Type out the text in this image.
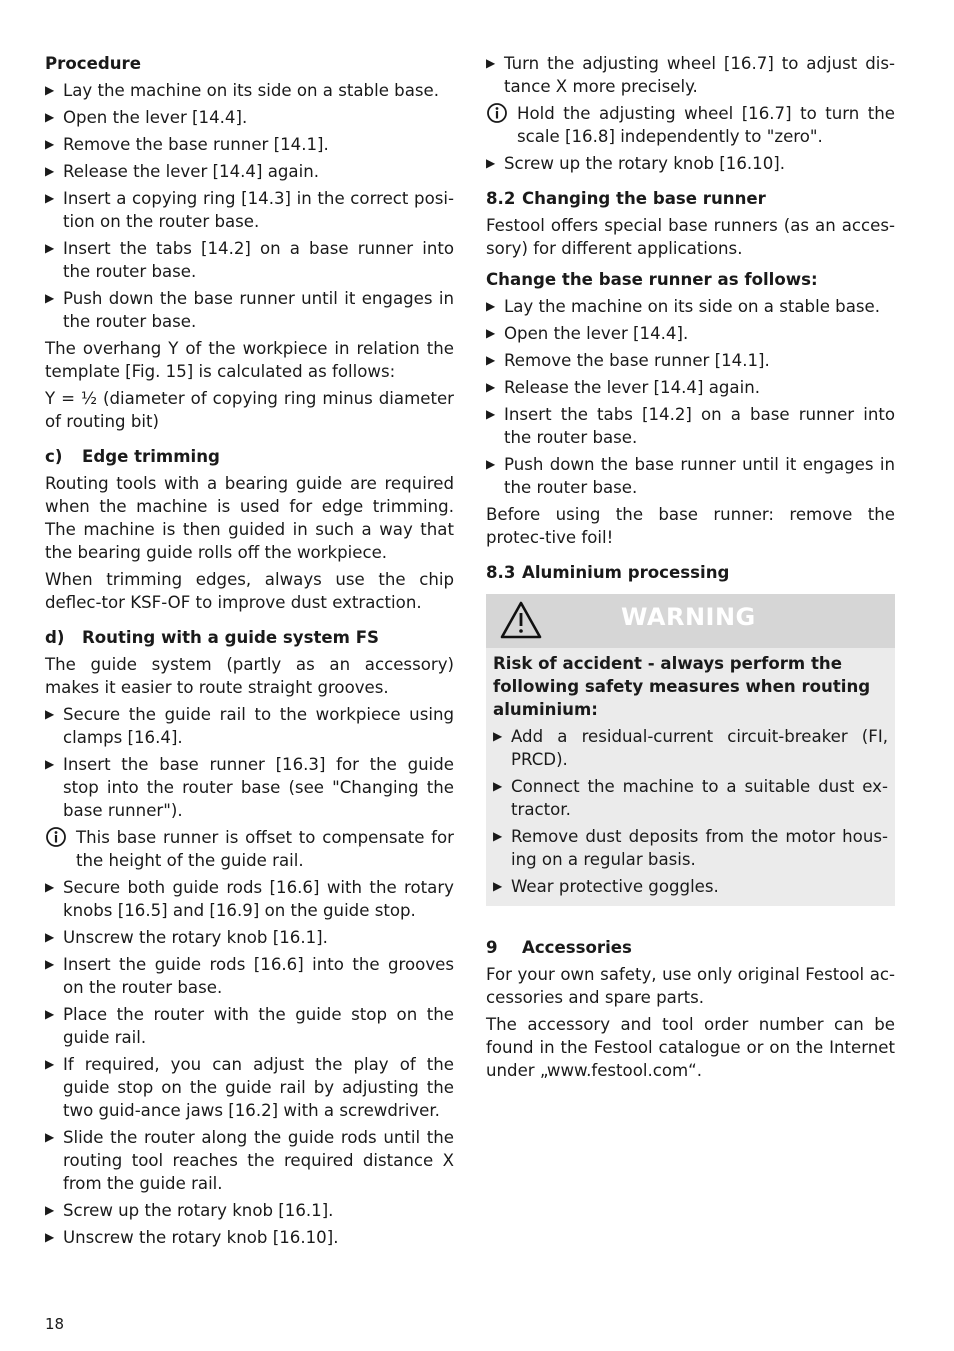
Procedure
▶ Lay the machine on its side on a stable base.
▶ Open the lever [14.4].
▶ Remove the base runner [14.1].
▶ Release the lever [14.4] again.
▶ Insert a copying ring [14.3] in the correct posi-tion on the router base.
▶ Insert the tabs [14.2] on a base runner into the router base.
▶ Push down the base runner until it engages in the router base.

The overhang Y of the workpiece in relation the template [Fig. 15] is calculated as follows:

Y = ½ (diameter of copying ring minus diameter of routing bit)

c) Edge trimming

Routing tools with a bearing guide are required when the machine is used for edge trimming. The machine is then guided in such a way that the bearing guide rolls off the workpiece.

When trimming edges, always use the chip deflec-tor KSF-OF to improve dust extraction.

d) Routing with a guide system FS

The guide system (partly as an accessory) makes it easier to route straight grooves.

▶ Secure the guide rail to the workpiece using clamps [16.4].
▶ Insert the base runner [16.3] for the guide stop into the router base (see "Changing the base runner").
This base runner is offset to compensate for the height of the guide rail.
▶ Secure both guide rods [16.6] with the rotary knobs [16.5] and [16.9] on the guide stop.
▶ Unscrew the rotary knob [16.1].
▶ Insert the guide rods [16.6] into the grooves on the router base.
▶ Place the router with the guide stop on the guide rail.
▶ If required, you can adjust the play of the guide stop on the guide rail by adjusting the two guid-ance jaws [16.2] with a screwdriver.
▶ Slide the router along the guide rods until the routing tool reaches the required distance X from the guide rail.
▶ Screw up the rotary knob [16.1].
▶ Unscrew the rotary knob [16.10].
▶ Turn the adjusting wheel [16.7] to adjust dis-tance X more precisely.
Hold the adjusting wheel [16.7] to turn the scale [16.8] independently to "zero".
▶ Screw up the rotary knob [16.10].
8.2 Changing the base runner

Festool offers special base runners (as an acces-sory) for different applications.

Change the base runner as follows:
▶ Lay the machine on its side on a stable base.
▶ Open the lever [14.4].
▶ Remove the base runner [14.1].
▶ Release the lever [14.4] again.
▶ Insert the tabs [14.2] on a base runner into the router base.
▶ Push down the base runner until it engages in the router base.

Before using the base runner: remove the protec-tive foil!

8.3 Aluminium processing
WARNING
Risk of accident - always perform the following safety measures when routing aluminium:
▶ Add a residual-current circuit-breaker (FI, PRCD).
▶ Connect the machine to a suitable dust ex-tractor.
▶ Remove dust deposits from the motor hous-ing on a regular basis.
▶ Wear protective goggles.
9 Accessories

For your own safety, use only original Festool ac-cessories and spare parts.

The accessory and tool order number can be found in the Festool catalogue or on the Internet under „www.festool.com“.

18
